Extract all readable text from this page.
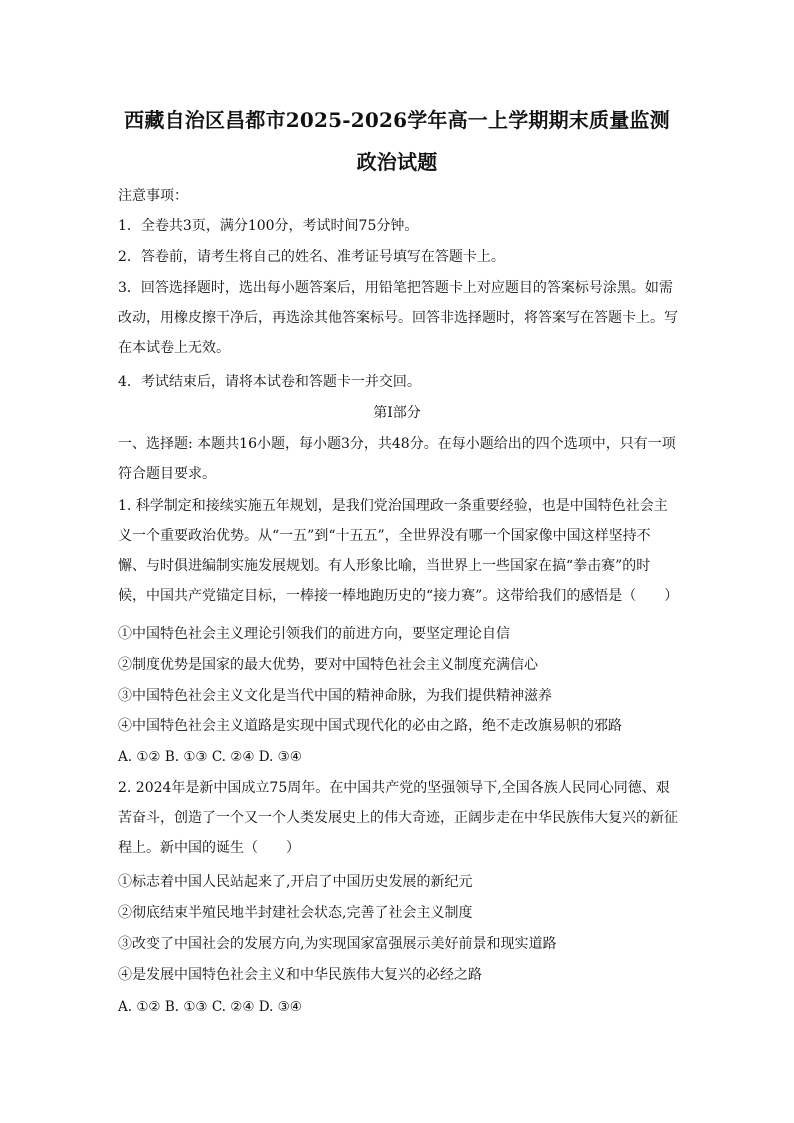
西藏自治区昌都市2025-2026学年高一上学期期末质量监测
政治试题
注意事项：
1．全卷共3页，满分100分，考试时间75分钟。
2．答卷前，请考生将自己的姓名、准考证号填写在答题卡上。
3．回答选择题时，选出每小题答案后，用铅笔把答题卡上对应题目的答案标号涂黑。如需改动，用橡皮擦干净后，再选涂其他答案标号。回答非选择题时，将答案写在答题卡上。写在本试卷上无效。
4．考试结束后，请将本试卷和答题卡一并交回。
第Ⅰ部分
一、选择题: 本题共16小题，每小题3分，共48分。在每小题给出的四个选项中，只有一项符合题目要求。
1. 科学制定和接续实施五年规划，是我们党治国理政一条重要经验，也是中国特色社会主义一个重要政治优势。从“一五”到“十五五”，全世界没有哪一个国家像中国这样坚持不懈、与时俱进编制实施发展规划。有人形象比喻，当世界上一些国家在搞“拳击赛”的时候，中国共产党锚定目标，一棒接一棒地跑历史的“接力赛”。这带给我们的感悟是（　　）
①中国特色社会主义理论引领我们的前进方向，要坚定理论自信
②制度优势是国家的最大优势，要对中国特色社会主义制度充满信心
③中国特色社会主义文化是当代中国的精神命脉，为我们提供精神滋养
④中国特色社会主义道路是实现中国式现代化的必由之路，绝不走改旗易帜的邪路
A. ①② B. ①③ C. ②④ D. ③④
2. 2024年是新中国成立75周年。在中国共产党的坚强领导下,全国各族人民同心同德、艰苦奋斗，创造了一个又一个人类发展史上的伟大奇迹，正阔步走在中华民族伟大复兴的新征程上。新中国的诞生（　　）
①标志着中国人民站起来了,开启了中国历史发展的新纪元
②彻底结束半殖民地半封建社会状态,完善了社会主义制度
③改变了中国社会的发展方向,为实现国家富强展示美好前景和现实道路
④是发展中国特色社会主义和中华民族伟大复兴的必经之路
A. ①② B. ①③ C. ②④ D. ③④
